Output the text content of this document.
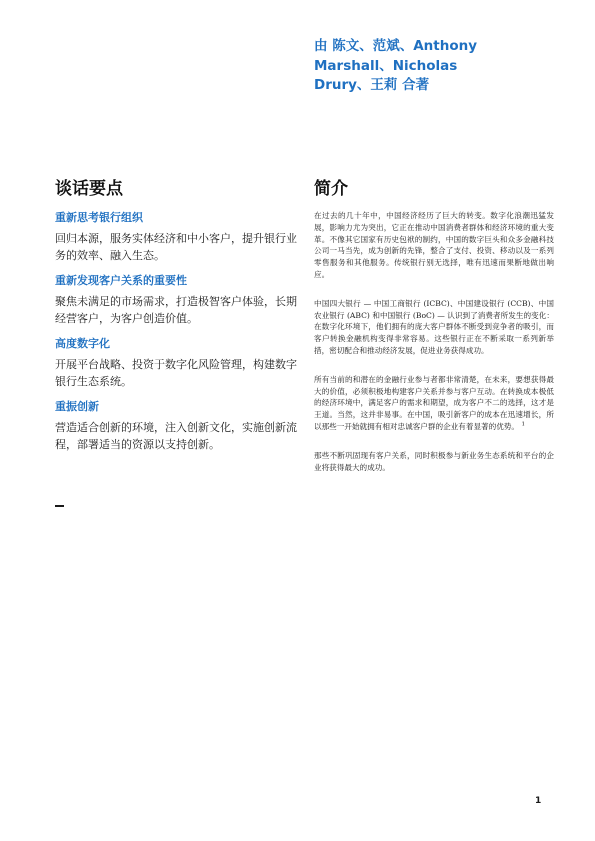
由 陈文、范斌、Anthony Marshall、Nicholas Drury、王莉 合著
谈话要点
重新思考银行组织
回归本源，服务实体经济和中小客户，提升银行业务的效率、融入生态。
重新发现客户关系的重要性
聚焦未满足的市场需求，打造极智客户体验，长期经营客户，为客户创造价值。
高度数字化
开展平台战略、投资于数字化风险管理，构建数字银行生态系统。
重振创新
营造适合创新的环境，注入创新文化，实施创新流程，部署适当的资源以支持创新。
简介

在过去的几十年中，中国经济经历了巨大的转变。数字化浪潮迅猛发展，影响力尤为突出，它正在推动中国消费者群体和经济环境的重大变革。不像其它国家有历史包袱的制约，中国的数字巨头和众多金融科技公司一马当先，成为创新的先锋，整合了支付、投资、移动以及一系列零售服务和其他服务。传统银行别无选择，唯有迅速而果断地做出响应。

中国四大银行 — 中国工商银行 (ICBC)、中国建设银行 (CCB)、中国农业银行 (ABC) 和中国银行 (BoC) — 认识到了消费者所发生的变化：在数字化环境下，他们拥有的庞大客户群体不断受到竞争者的吸引，而客户转换金融机构变得非常容易。这些银行正在不断采取一系列新举措，密切配合和推动经济发展，促进业务获得成功。

所有当前的和潜在的金融行业参与者都非常清楚，在未来，要想获得最大的价值，必须积极地构建客户关系并参与客户互动。在转换成本极低的经济环境中，满足客户的需求和期望，成为客户不二的选择，这才是王道。当然，这并非易事。在中国，吸引新客户的成本在迅速增长，所以那些一开始就拥有相对忠诚客户群的企业有着显著的优势。 $^1$

那些不断巩固现有客户关系，同时积极参与新业务生态系统和平台的企业将获得最大的成功。

1
